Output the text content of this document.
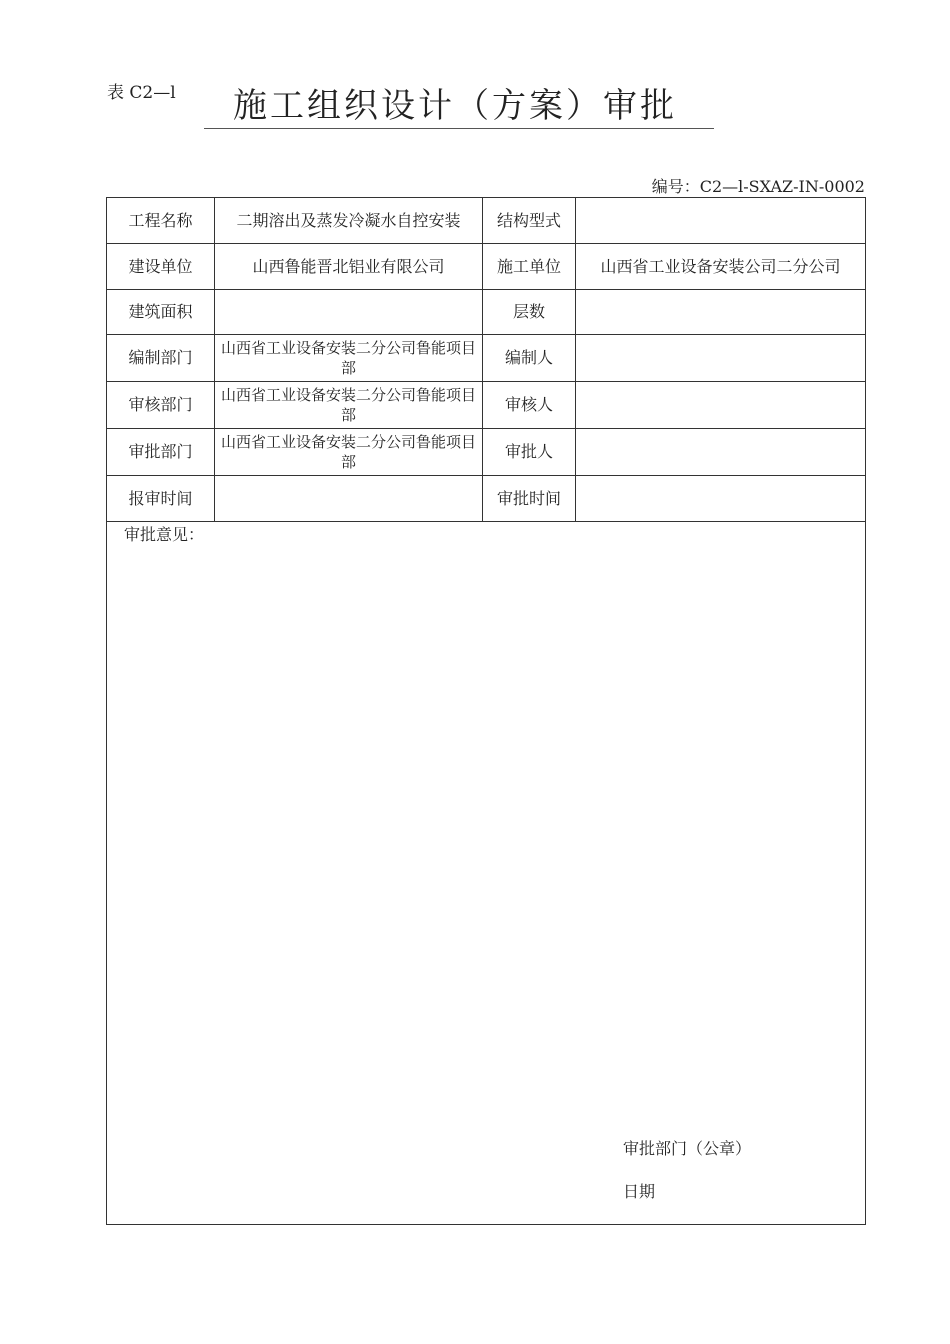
表 C2—l 施工组织设计（方案）审批
编号：C2—l-SXAZ-IN-0002
工程名称	二期溶出及蒸发冷凝水自控安装	结构型式	
建设单位	山西鲁能晋北铝业有限公司	施工单位	山西省工业设备安装公司二分公司
建筑面积		层数	
编制部门	山西省工业设备安装二分公司鲁能项目部	编制人	
审核部门	山西省工业设备安装二分公司鲁能项目部	审核人	
审批部门	山西省工业设备安装二分公司鲁能项目部	审批人	
报审时间		审批时间	

审批意见：
审批部门（公章）
日期			
